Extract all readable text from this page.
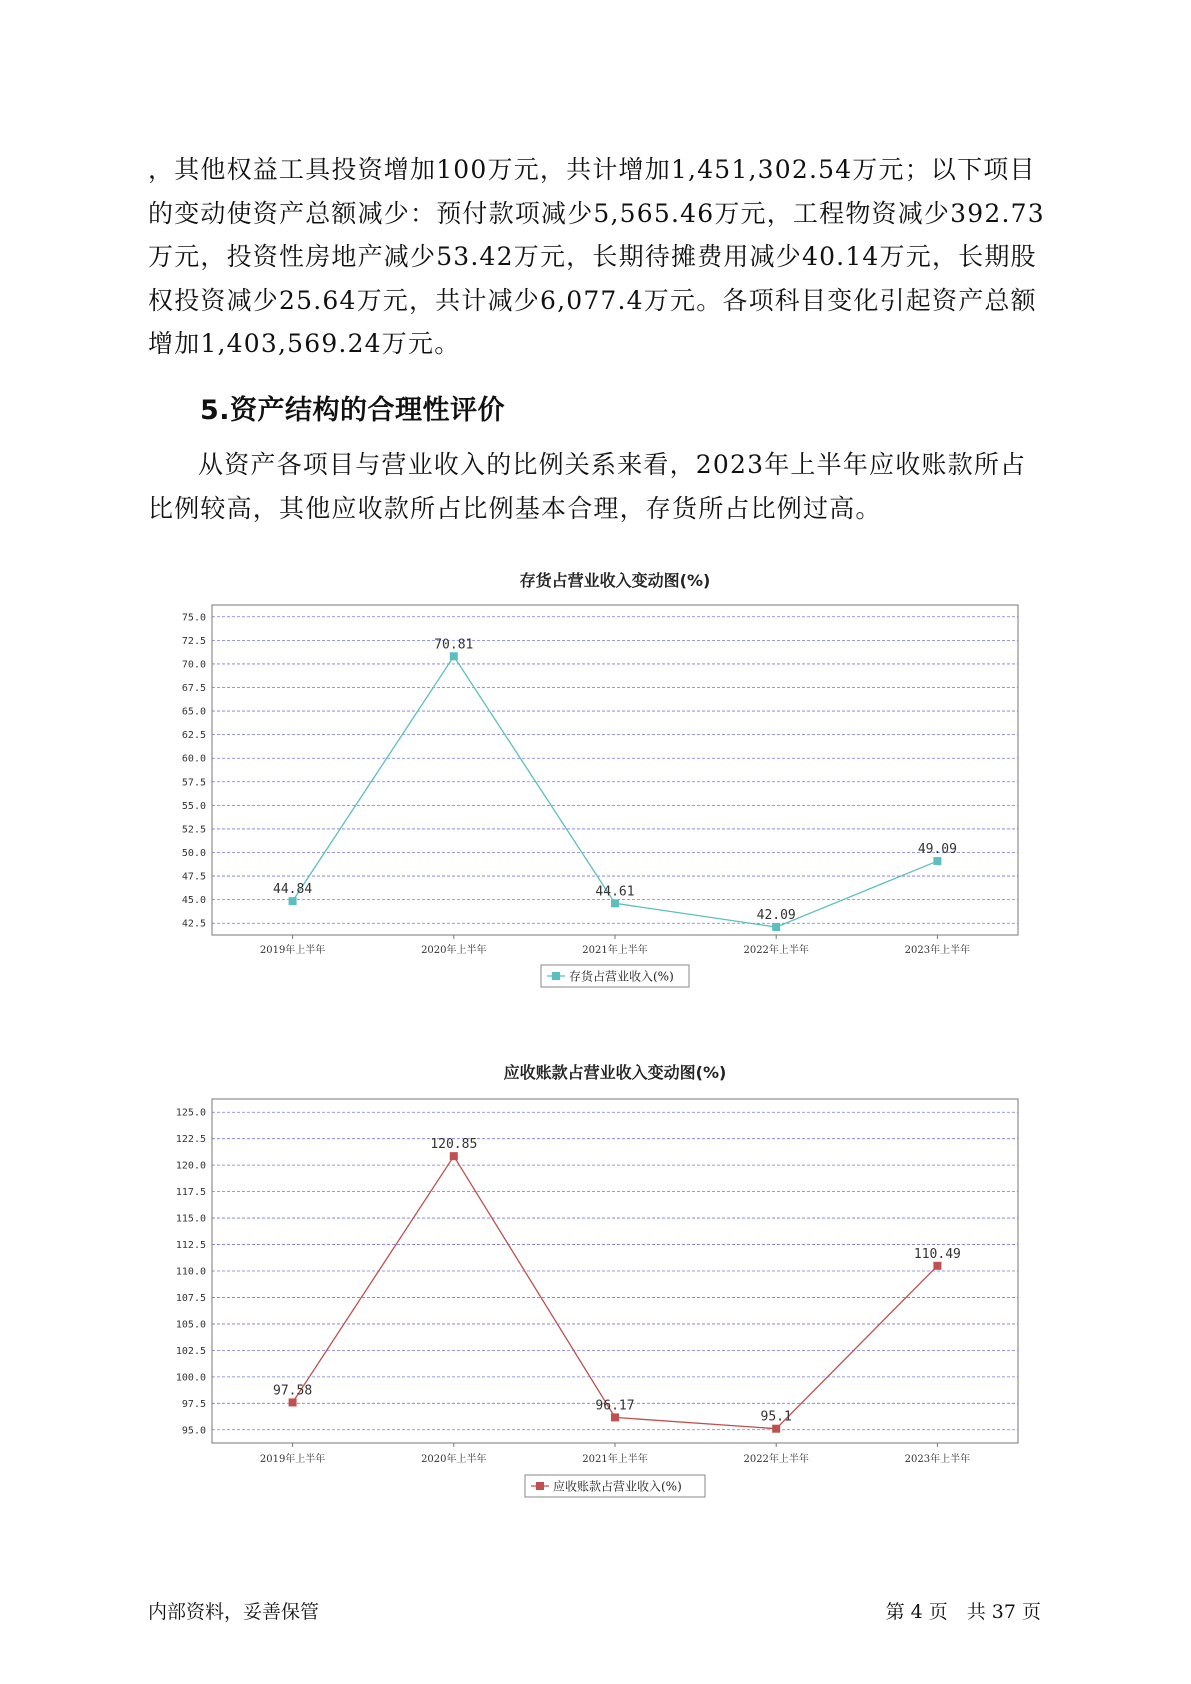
，其他权益工具投资增加100万元，共计增加1,451,302.54万元；以下项目的变动使资产总额减少：预付款项减少5,565.46万元，工程物资减少392.73万元，投资性房地产减少53.42万元，长期待摊费用减少40.14万元，长期股权投资减少25.64万元，共计减少6,077.4万元。各项科目变化引起资产总额增加1,403,569.24万元。
5.资产结构的合理性评价
从资产各项目与营业收入的比例关系来看，2023年上半年应收账款所占比例较高，其他应收款所占比例基本合理，存货所占比例过高。
存货占营业收入变动图(%)
75.0
72.5
70.0
67.5
65.0
62.5
60.0
57.5
55.0
52.5
50.0
47.5
45.0
42.5
2019年上半年	2020年上半年	2021年上半年	2022年上半年	2023年上半年
44.84
70.81
44.61
42.09
49.09
存货占营业收入(%)
应收账款占营业收入变动图(%)
125.0
122.5
120.0
117.5
115.0
112.5
110.0
107.5
105.0
102.5
100.0
97.5
95.0
2019年上半年	2020年上半年	2021年上半年	2022年上半年	2023年上半年
97.58
120.85
96.17
95.1
110.49
应收账款占营业收入(%)
内部资料，妥善保管	第 4 页　共 37 页
